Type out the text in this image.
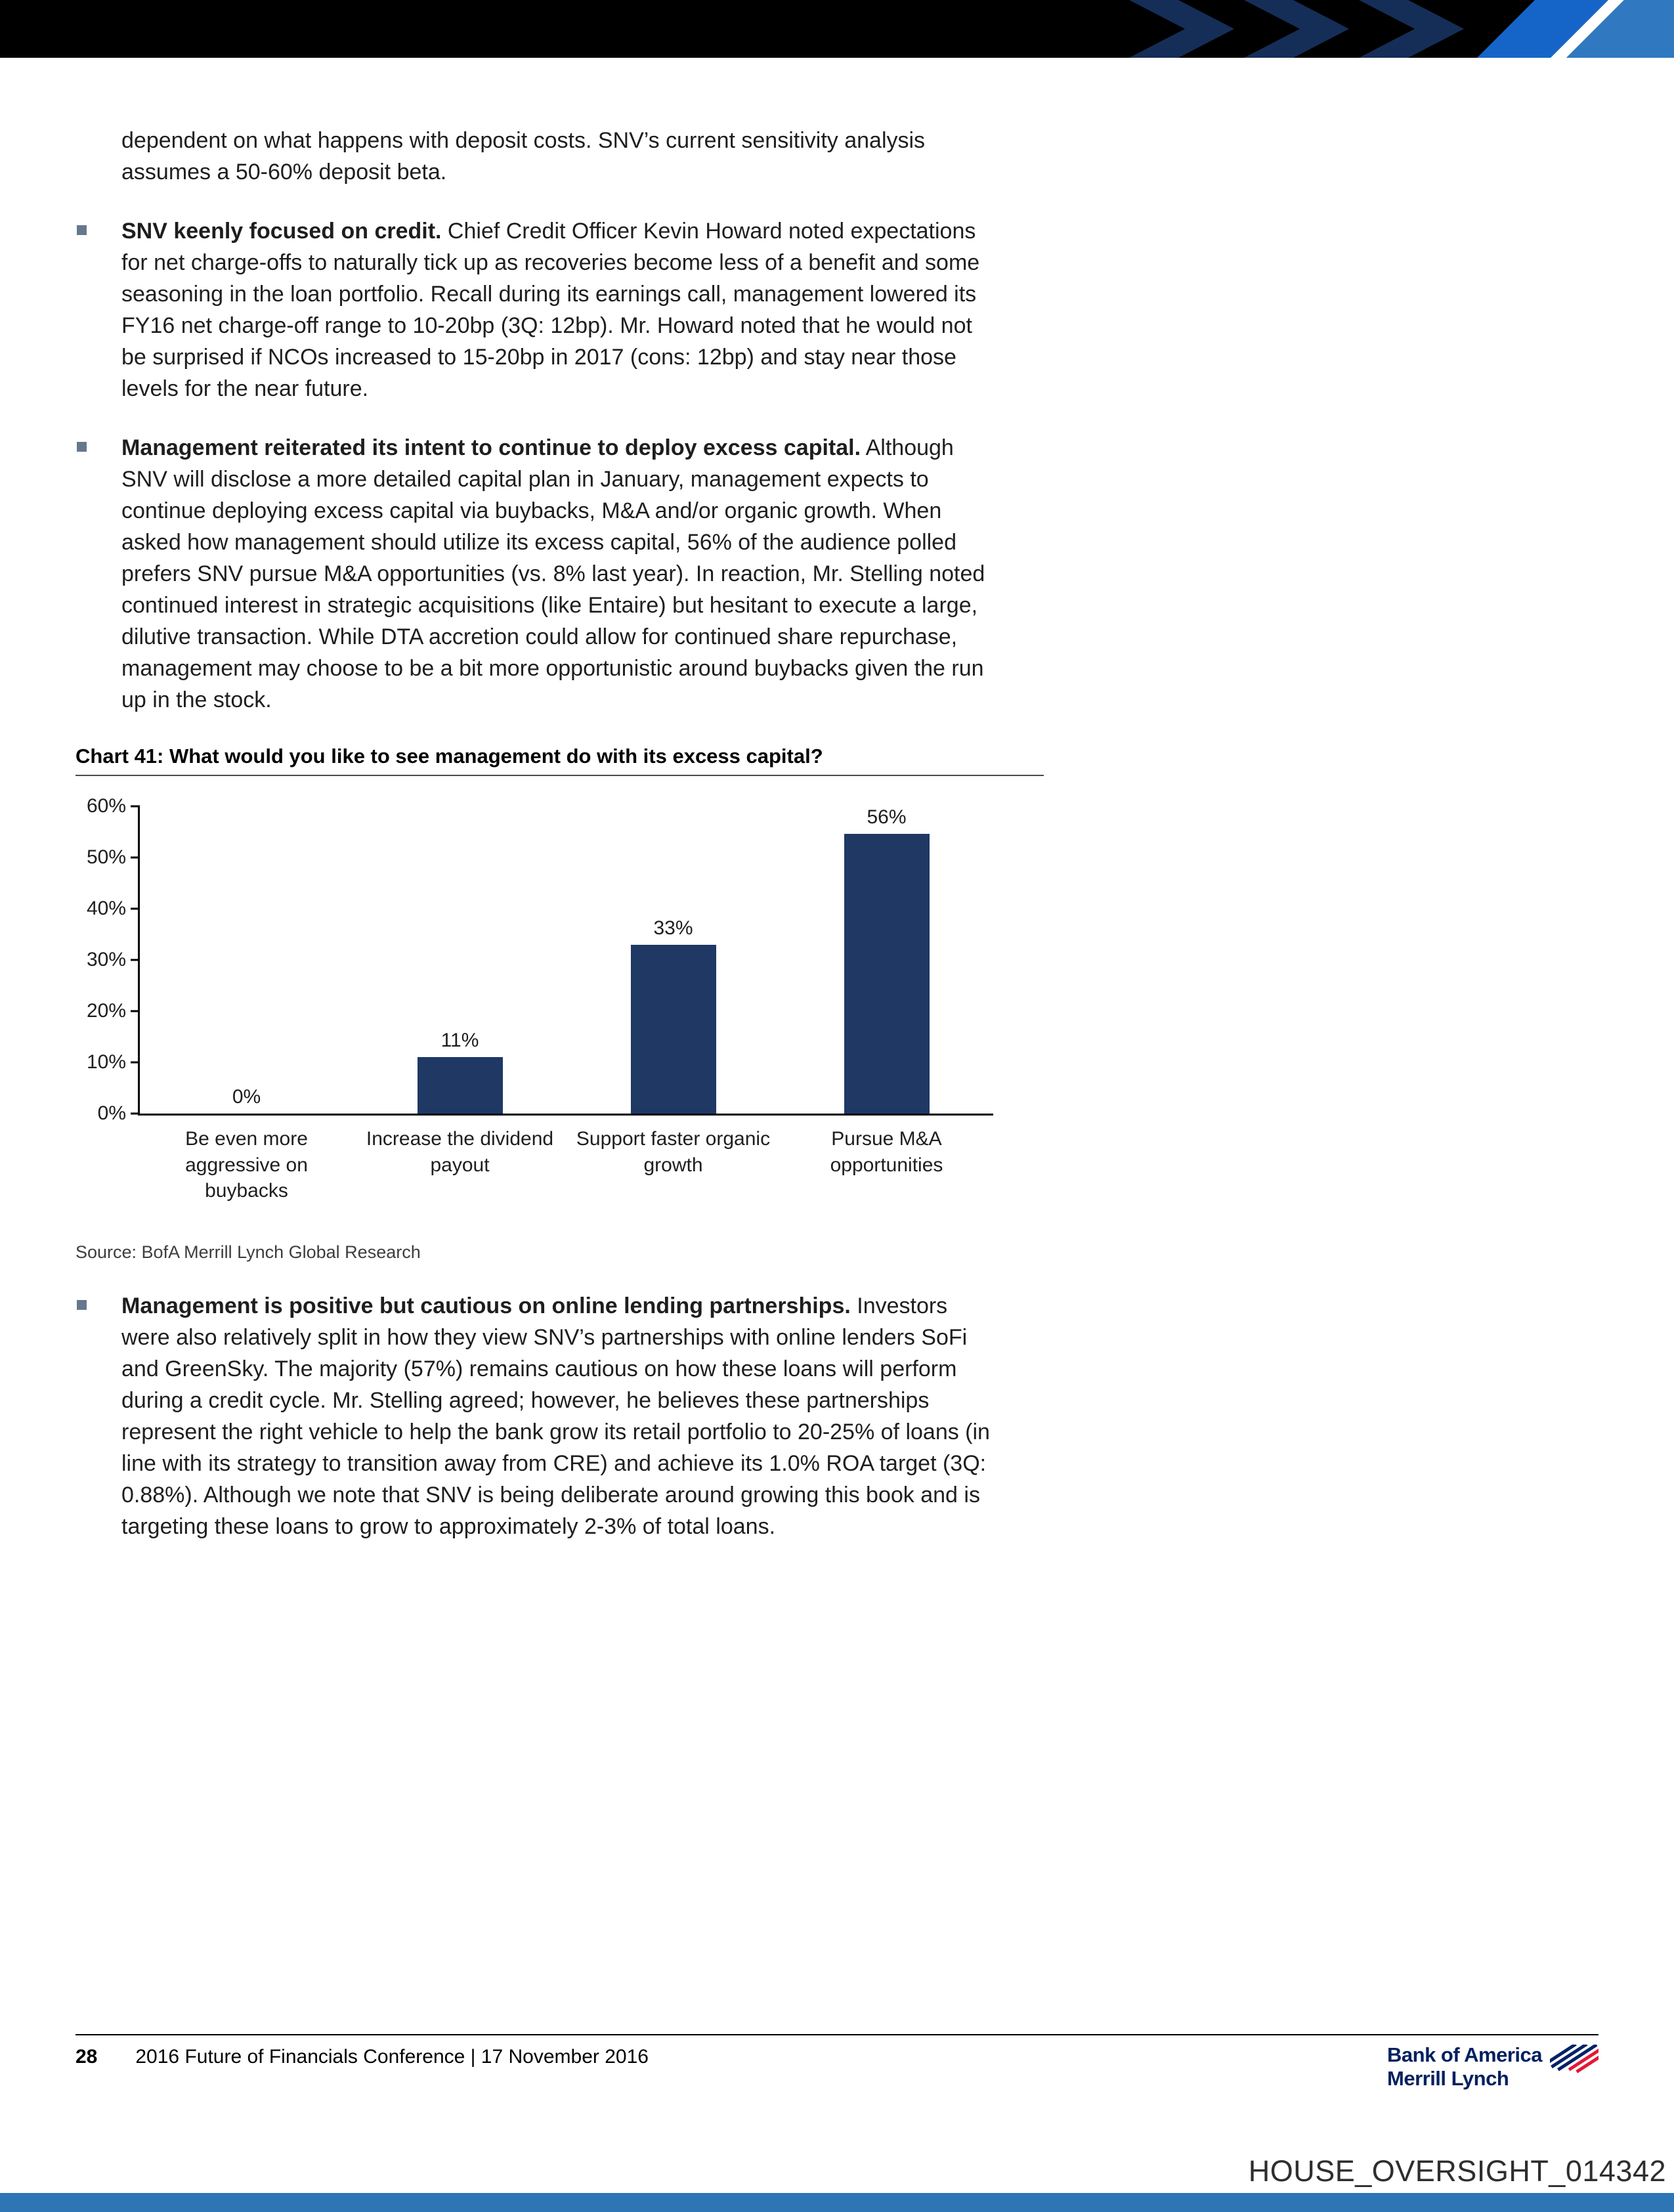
dependent on what happens with deposit costs. SNV’s current sensitivity analysis assumes a 50-60% deposit beta.

SNV keenly focused on credit. Chief Credit Officer Kevin Howard noted expectations for net charge-offs to naturally tick up as recoveries become less of a benefit and some seasoning in the loan portfolio. Recall during its earnings call, management lowered its FY16 net charge-off range to 10-20bp (3Q: 12bp). Mr. Howard noted that he would not be surprised if NCOs increased to 15-20bp in 2017 (cons: 12bp) and stay near those levels for the near future.

Management reiterated its intent to continue to deploy excess capital. Although SNV will disclose a more detailed capital plan in January, management expects to continue deploying excess capital via buybacks, M&A and/or organic growth. When asked how management should utilize its excess capital, 56% of the audience polled prefers SNV pursue M&A opportunities (vs. 8% last year). In reaction, Mr. Stelling noted continued interest in strategic acquisitions (like Entaire) but hesitant to execute a large, dilutive transaction. While DTA accretion could allow for continued share repurchase, management may choose to be a bit more opportunistic around buybacks given the run up in the stock.

Chart 41: What would you like to see management do with its excess capital?
0%
10%
20%
30%
40%
50%
60%
0%
11%
33%
56%
Be even more aggressive on buybacks
Increase the dividend payout
Support faster organic growth
Pursue M&A opportunities
Source: BofA Merrill Lynch Global Research

Management is positive but cautious on online lending partnerships. Investors were also relatively split in how they view SNV’s partnerships with online lenders SoFi and GreenSky. The majority (57%) remains cautious on how these loans will perform during a credit cycle. Mr. Stelling agreed; however, he believes these partnerships represent the right vehicle to help the bank grow its retail portfolio to 20-25% of loans (in line with its strategy to transition away from CRE) and achieve its 1.0% ROA target (3Q: 0.88%). Although we note that SNV is being deliberate around growing this book and is targeting these loans to grow to approximately 2-3% of total loans.

28 2016 Future of Financials Conference | 17 November 2016	Bank of America
Merrill Lynch
HOUSE_OVERSIGHT_014342
